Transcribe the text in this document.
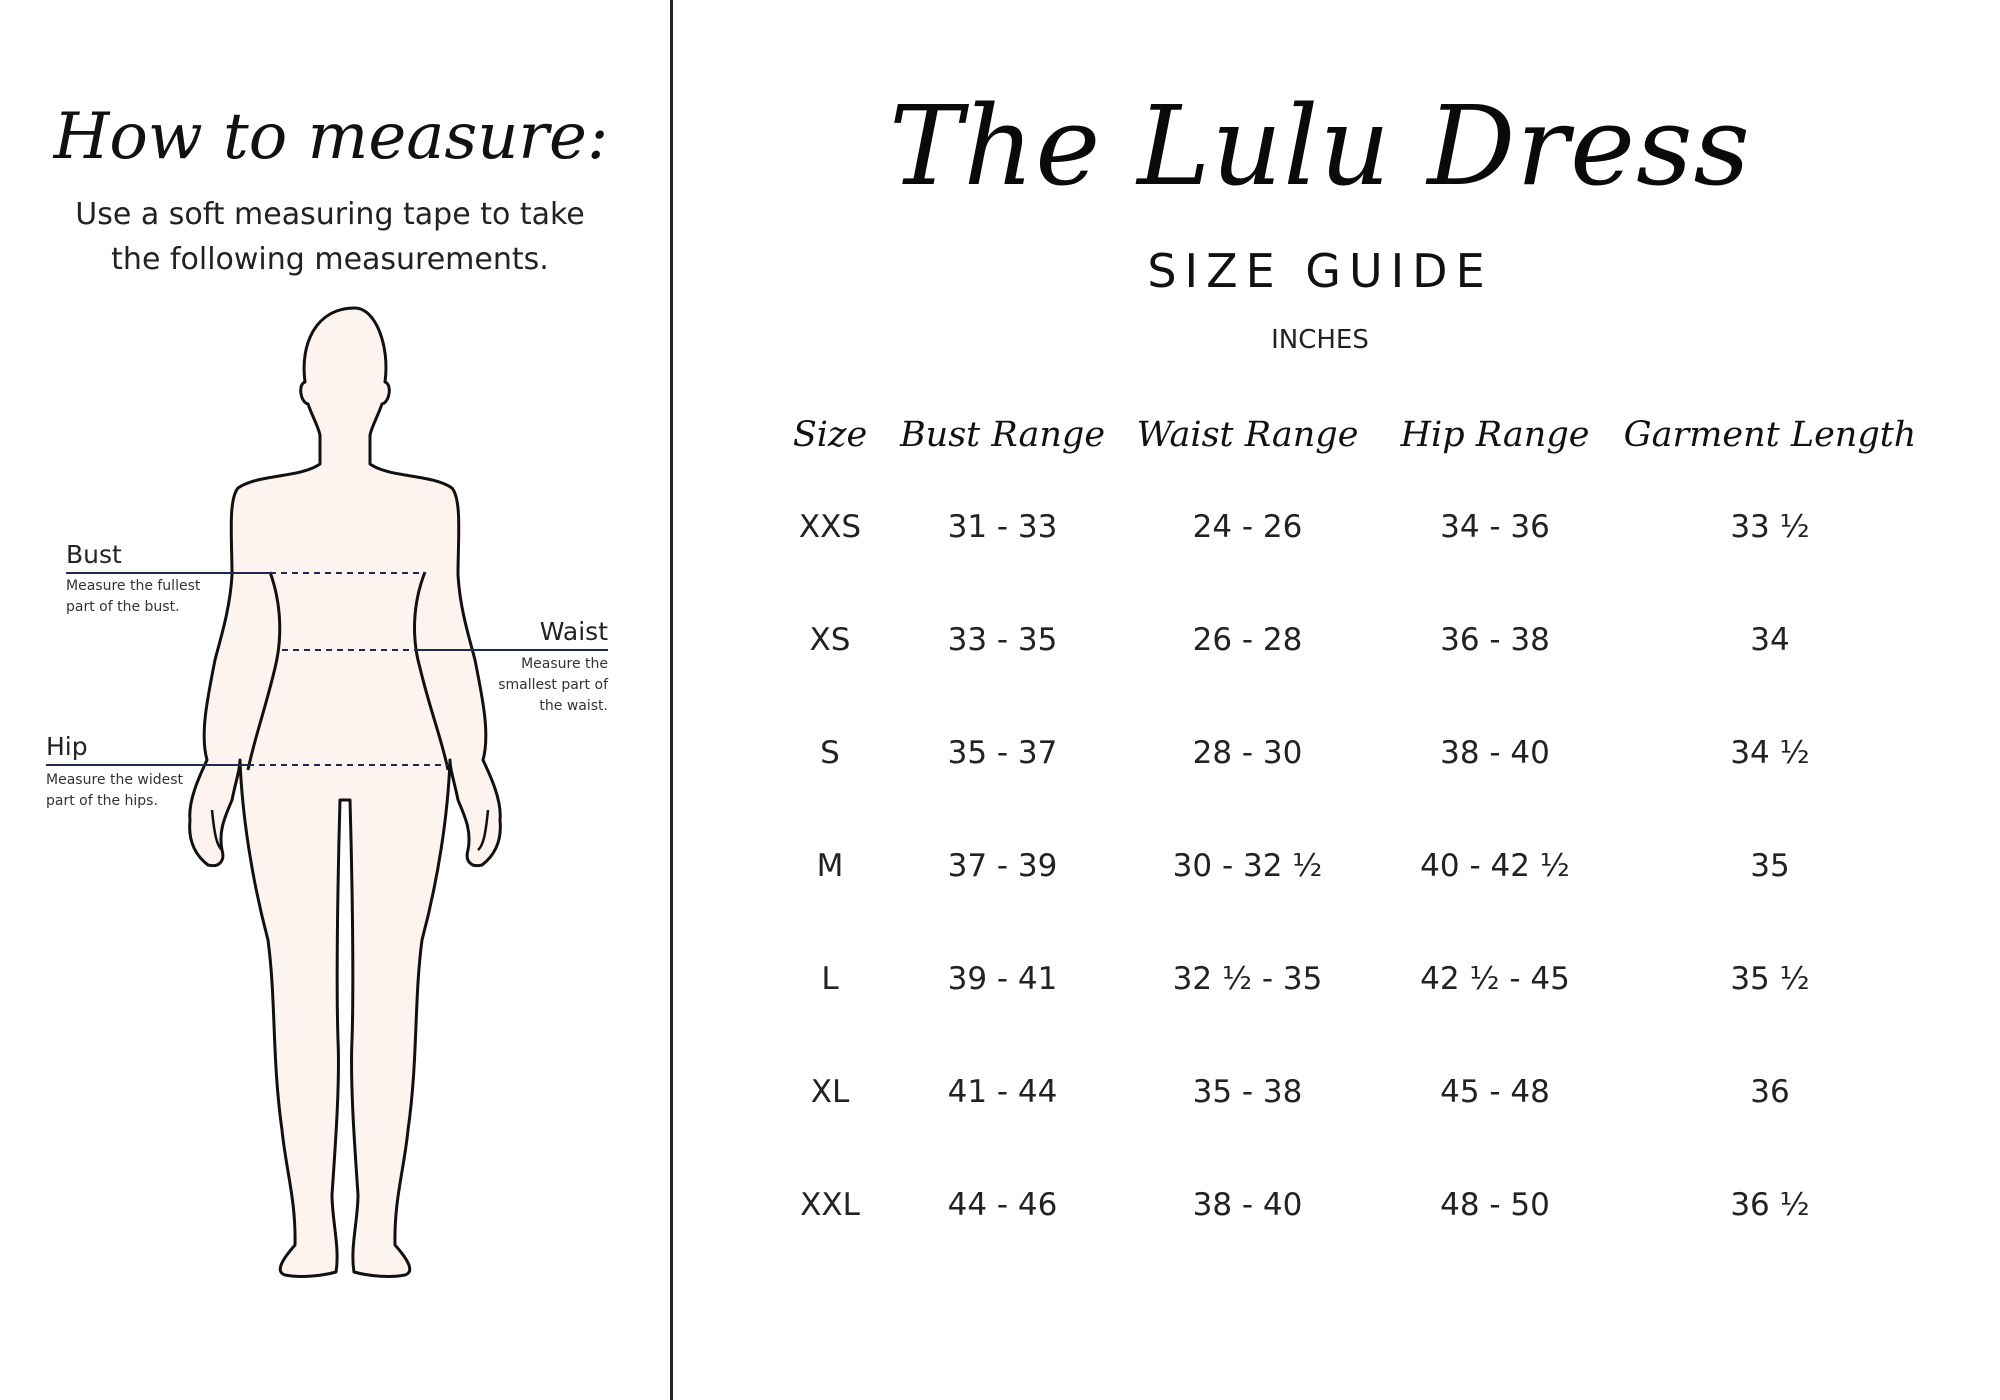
How to measure:
Use a soft measuring tape to take
the following measurements.
Bust
Measure the fullest
part of the bust.
Waist
Measure the
smallest part of
the waist.
Hip
Measure the widest
part of the hips.
The Lulu Dress
SIZE GUIDE
INCHES
Size	Bust Range	Waist Range	Hip Range	Garment Length
XXS	31 - 33	24 - 26	34 - 36	33 ½
XS	33 - 35	26 - 28	36 - 38	34
S	35 - 37	28 - 30	38 - 40	34 ½
M	37 - 39	30 - 32 ½	40 - 42 ½	35
L	39 - 41	32 ½ - 35	42 ½ - 45	35 ½
XL	41 - 44	35 - 38	45 - 48	36
XXL	44 - 46	38 - 40	48 - 50	36 ½
